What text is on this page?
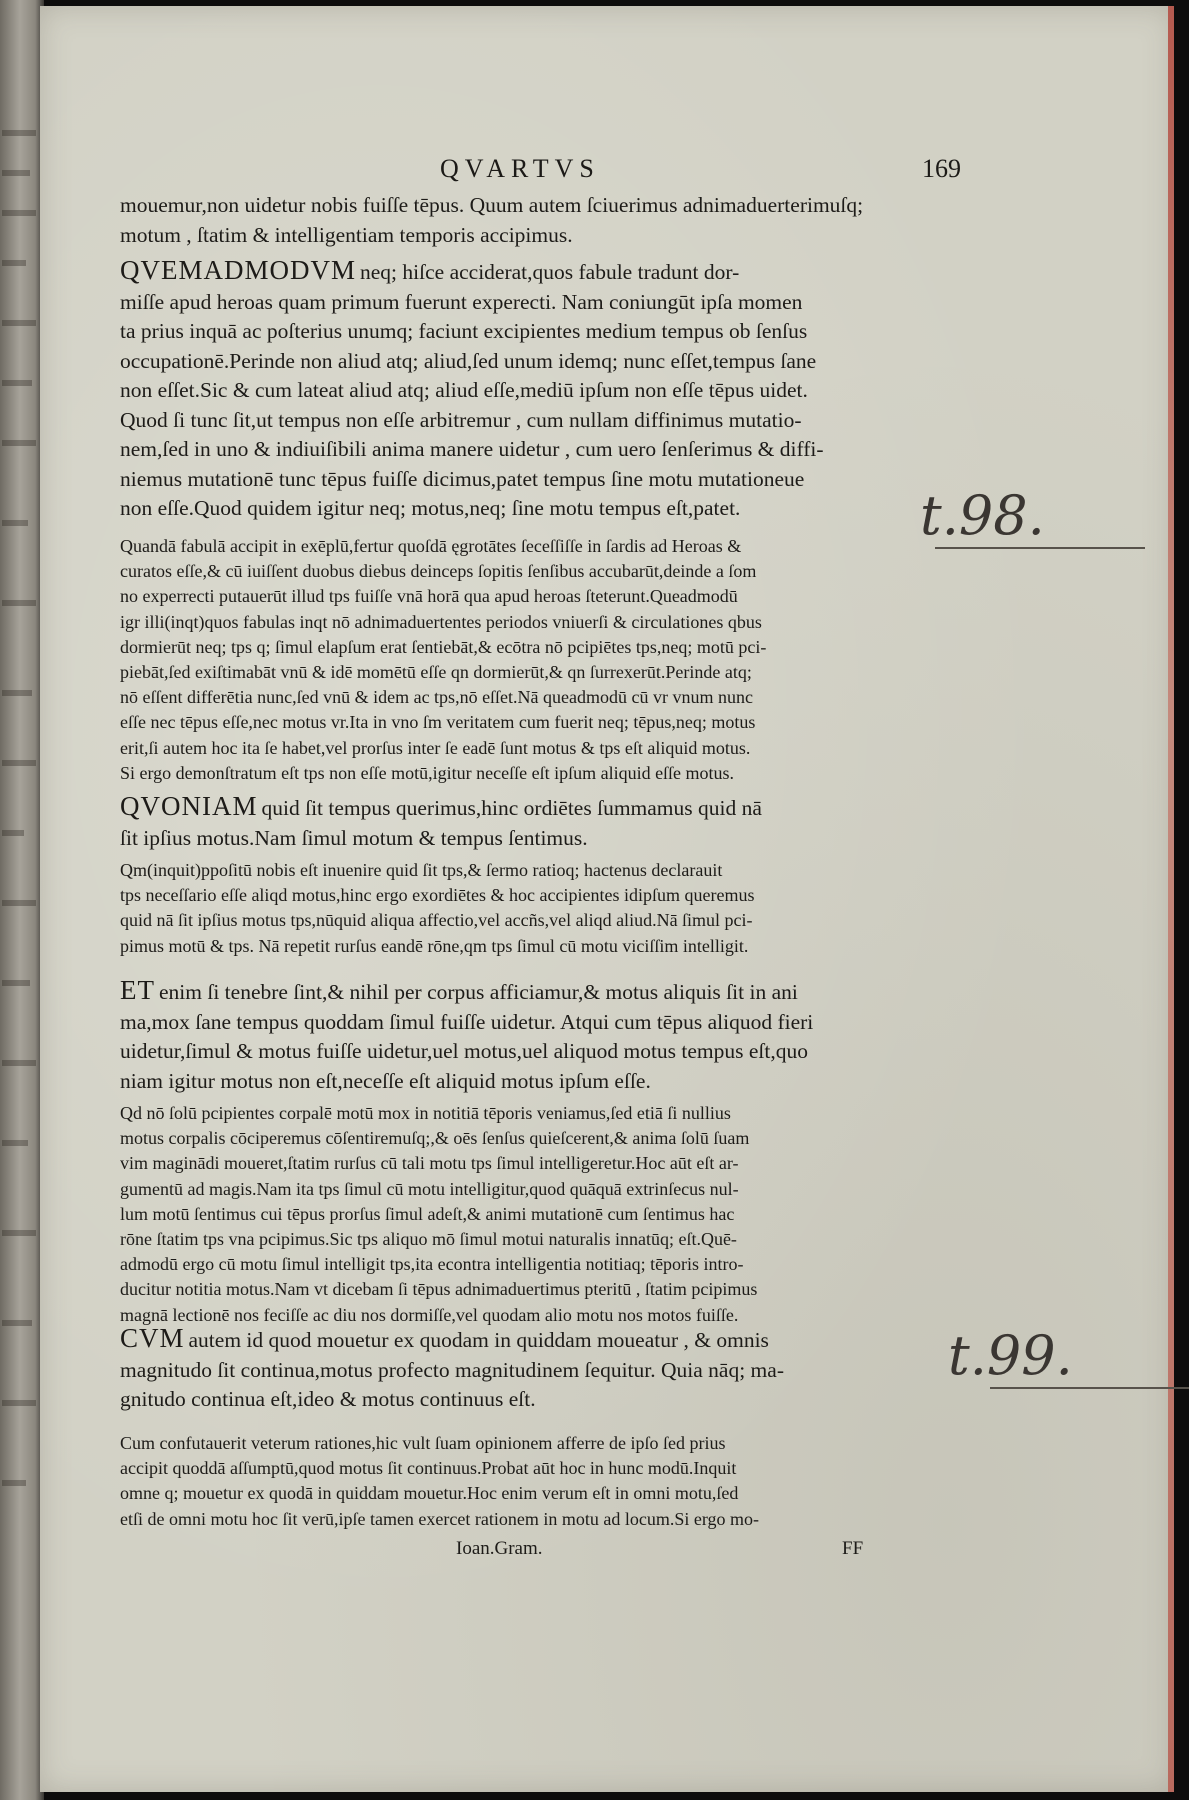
QVARTVS	169
mouemur,non uidetur nobis fuiſſe tēpus. Quum autem ſciuerimus adnimaduerterimuſq;
motum , ſtatim & intelligentiam temporis accipimus.
QVEMADMODVM neq; hiſce acciderat,quos fabule tradunt dor-
miſſe apud heroas quam primum fuerunt experecti. Nam coniungūt ipſa momen
ta prius inquā ac poſterius unumq; faciunt excipientes medium tempus ob ſenſus
occupationē.Perinde non aliud atq; aliud,ſed unum idemq; nunc eſſet,tempus ſane
non eſſet.Sic & cum lateat aliud atq; aliud eſſe,mediū ipſum non eſſe tēpus uidet.
Quod ſi tunc ſit,ut tempus non eſſe arbitremur , cum nullam diffinimus mutatio-
nem,ſed in uno & indiuiſibili anima manere uidetur , cum uero ſenſerimus & diffi-
niemus mutationē tunc tēpus fuiſſe dicimus,patet tempus ſine motu mutationeue
non eſſe.Quod quidem igitur neq; motus,neq; ſine motu tempus eſt,patet.
Quandā fabulā accipit in exēplū,fertur quoſdā ęgrotātes ſeceſſiſſe in ſardis ad Heroas &
curatos eſſe,& cū iuiſſent duobus diebus deinceps ſopitis ſenſibus accubarūt,deinde a ſom
no experrecti putauerūt illud tps fuiſſe vnā horā qua apud heroas ſteterunt.Queadmodū
igr illi(inqt)quos fabulas inqt nō adnimaduertentes periodos vniuerſi & circulationes qbus
dormierūt neq; tps q; ſimul elapſum erat ſentiebāt,& ecōtra nō pcipiētes tps,neq; motū pci-
piebāt,ſed exiſtimabāt vnū & idē momētū eſſe qn dormierūt,& qn ſurrexerūt.Perinde atq;
nō eſſent differētia nunc,ſed vnū & idem ac tps,nō eſſet.Nā queadmodū cū vr vnum nunc
eſſe nec tēpus eſſe,nec motus vr.Ita in vno ſm veritatem cum fuerit neq; tēpus,neq; motus
erit,ſi autem hoc ita ſe habet,vel prorſus inter ſe eadē ſunt motus & tps eſt aliquid motus.
Si ergo demonſtratum eſt tps non eſſe motū,igitur neceſſe eſt ipſum aliquid eſſe motus.
QVONIAM quid ſit tempus querimus,hinc ordiētes ſummamus quid nā
ſit ipſius motus.Nam ſimul motum & tempus ſentimus.
Qm(inquit)ppoſitū nobis eſt inuenire quid ſit tps,& ſermo ratioq; hactenus declarauit
tps neceſſario eſſe aliqd motus,hinc ergo exordiētes & hoc accipientes idipſum queremus
quid nā ſit ipſius motus tps,nūquid aliqua affectio,vel accñs,vel aliqd aliud.Nā ſimul pci-
pimus motū & tps. Nā repetit rurſus eandē rōne,qm tps ſimul cū motu viciſſim intelligit.
ET enim ſi tenebre ſint,& nihil per corpus afficiamur,& motus aliquis ſit in ani
ma,mox ſane tempus quoddam ſimul fuiſſe uidetur. Atqui cum tēpus aliquod fieri
uidetur,ſimul & motus fuiſſe uidetur,uel motus,uel aliquod motus tempus eſt,quo
niam igitur motus non eſt,neceſſe eſt aliquid motus ipſum eſſe.
Qd nō ſolū pcipientes corpalē motū mox in notitiā tēporis veniamus,ſed etiā ſi nullius
motus corpalis cōciperemus cōſentiremuſq;,& oēs ſenſus quieſcerent,& anima ſolū ſuam
vim maginādi moueret,ſtatim rurſus cū tali motu tps ſimul intelligeretur.Hoc aūt eſt ar-
gumentū ad magis.Nam ita tps ſimul cū motu intelligitur,quod quāquā extrinſecus nul-
lum motū ſentimus cui tēpus prorſus ſimul adeſt,& animi mutationē cum ſentimus hac
rōne ſtatim tps vna pcipimus.Sic tps aliquo mō ſimul motui naturalis innatūq; eſt.Quē-
admodū ergo cū motu ſimul intelligit tps,ita econtra intelligentia notitiaq; tēporis intro-
ducitur notitia motus.Nam vt dicebam ſi tēpus adnimaduertimus pteritū , ſtatim pcipimus
magnā lectionē nos feciſſe ac diu nos dormiſſe,vel quodam alio motu nos motos fuiſſe.
CVM autem id quod mouetur ex quodam in quiddam moueatur , & omnis
magnitudo ſit continua,motus profecto magnitudinem ſequitur. Quia nāq; ma-
gnitudo continua eſt,ideo & motus continuus eſt.
Cum confutauerit veterum rationes,hic vult ſuam opinionem afferre de ipſo ſed prius
accipit quoddā aſſumptū,quod motus ſit continuus.Probat aūt hoc in hunc modū.Inquit
omne q; mouetur ex quodā in quiddam mouetur.Hoc enim verum eſt in omni motu,ſed
etſi de omni motu hoc ſit verū,ipſe tamen exercet rationem in motu ad locum.Si ergo mo-
Ioan.Gram.	FF
t.98.
t.99.
